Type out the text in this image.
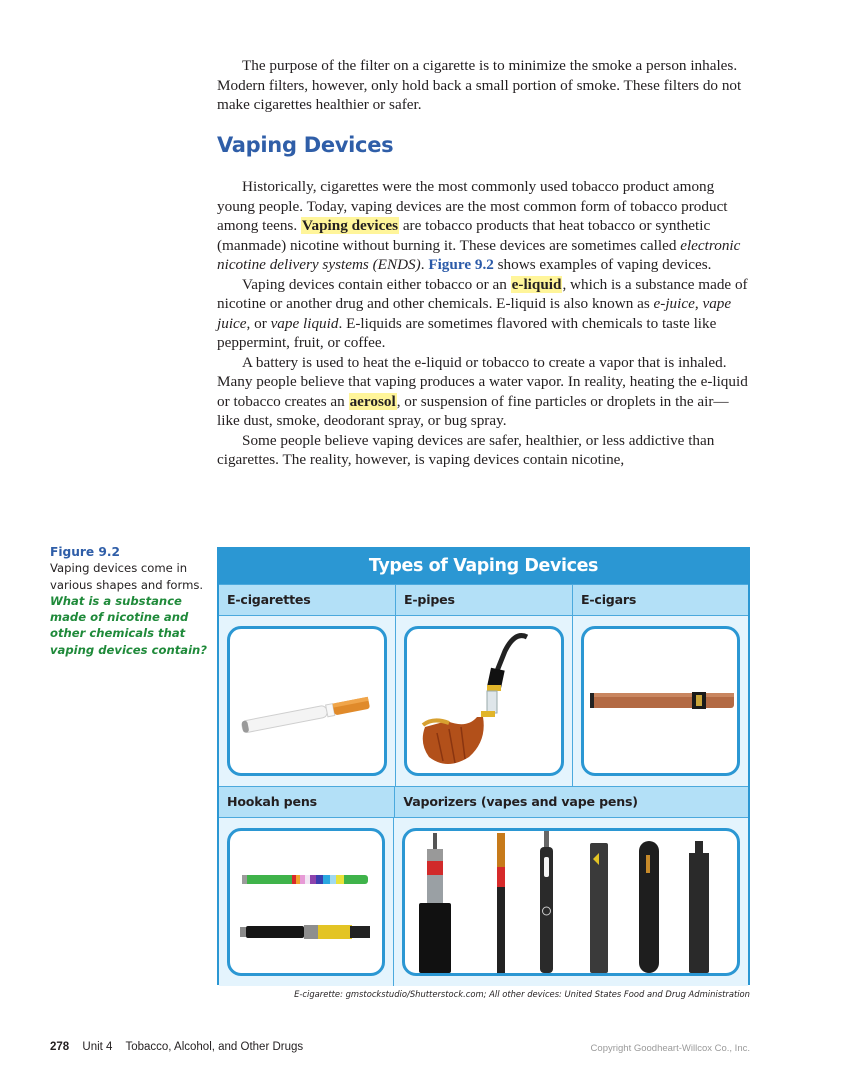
The purpose of the filter on a cigarette is to minimize the smoke a person inhales. Modern filters, however, only hold back a small portion of smoke. These filters do not make cigarettes healthier or safer.

Vaping Devices

Historically, cigarettes were the most commonly used tobacco product among young people. Today, vaping devices are the most common form of tobacco product among teens. Vaping devices are tobacco products that heat tobacco or synthetic (manmade) nicotine without burning it. These devices are sometimes called electronic nicotine delivery systems (ENDS). Figure 9.2 shows examples of vaping devices.

Vaping devices contain either tobacco or an e-liquid, which is a substance made of nicotine or another drug and other chemicals. E-liquid is also known as e-juice, vape juice, or vape liquid. E-liquids are sometimes flavored with chemicals to taste like peppermint, fruit, or coffee.

A battery is used to heat the e-liquid or tobacco to create a vapor that is inhaled. Many people believe that vaping produces a water vapor. In reality, heating the e-liquid or tobacco creates an aerosol, or suspension of fine particles or droplets in the air—like dust, smoke, deodorant spray, or bug spray.

Some people believe vaping devices are safer, healthier, or less addictive than cigarettes. The reality, however, is vaping devices contain nicotine,

Figure 9.2
Vaping devices come in various shapes and forms.
What is a substance made of nicotine and other chemicals that vaping devices contain?
Types of Vaping Devices
E-cigarettes	E-pipes	E-cigars
Hookah pens	Vaporizers (vapes and vape pens)
E-cigarette: gmstockstudio/Shutterstock.com; All other devices: United States Food and Drug Administration
278 Unit 4 Tobacco, Alcohol, and Other Drugs	Copyright Goodheart-Willcox Co., Inc.
